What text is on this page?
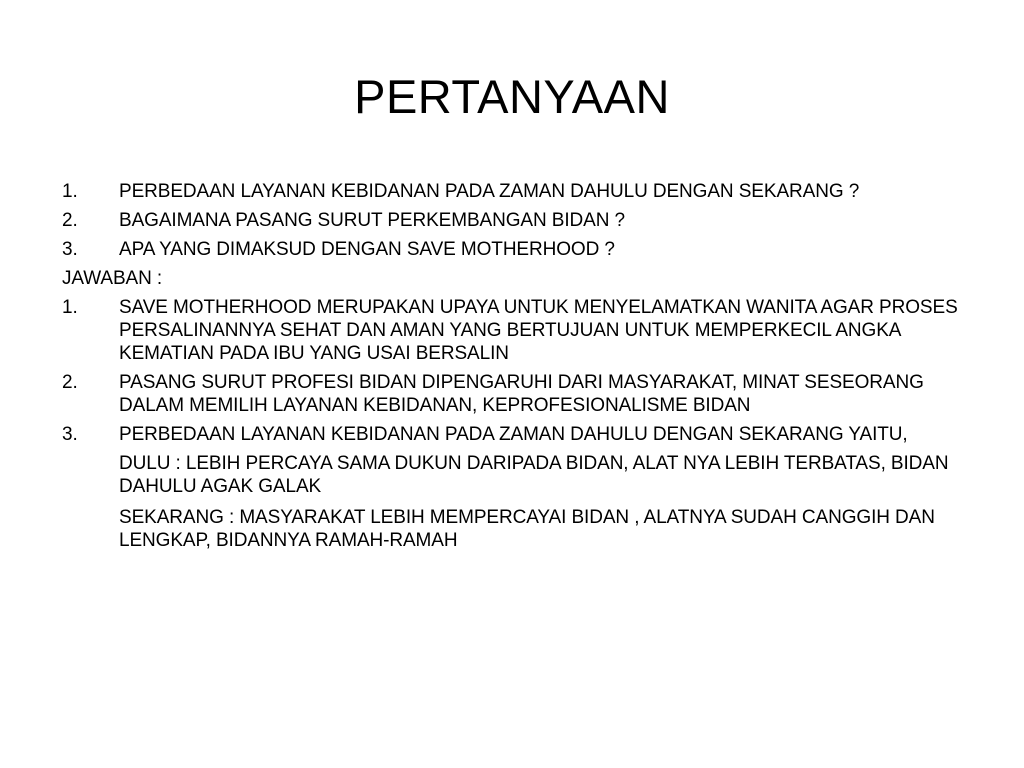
PERTANYAAN
1.	PERBEDAAN LAYANAN KEBIDANAN PADA ZAMAN DAHULU DENGAN SEKARANG ?
2.	BAGAIMANA PASANG SURUT PERKEMBANGAN BIDAN ?
3.	APA YANG DIMAKSUD DENGAN SAVE MOTHERHOOD ?
JAWABAN :
1.	SAVE MOTHERHOOD MERUPAKAN UPAYA UNTUK MENYELAMATKAN WANITA AGAR PROSES PERSALINANNYA SEHAT DAN AMAN YANG BERTUJUAN UNTUK MEMPERKECIL ANGKA KEMATIAN PADA IBU YANG USAI BERSALIN
2.	PASANG SURUT PROFESI BIDAN DIPENGARUHI DARI MASYARAKAT, MINAT SESEORANG DALAM MEMILIH LAYANAN KEBIDANAN, KEPROFESIONALISME BIDAN
3.	PERBEDAAN LAYANAN KEBIDANAN PADA ZAMAN DAHULU DENGAN SEKARANG YAITU,
DULU : LEBIH PERCAYA SAMA DUKUN DARIPADA BIDAN, ALAT NYA LEBIH TERBATAS, BIDAN DAHULU AGAK GALAK
SEKARANG : MASYARAKAT LEBIH MEMPERCAYAI BIDAN , ALATNYA SUDAH CANGGIH DAN LENGKAP, BIDANNYA RAMAH-RAMAH
